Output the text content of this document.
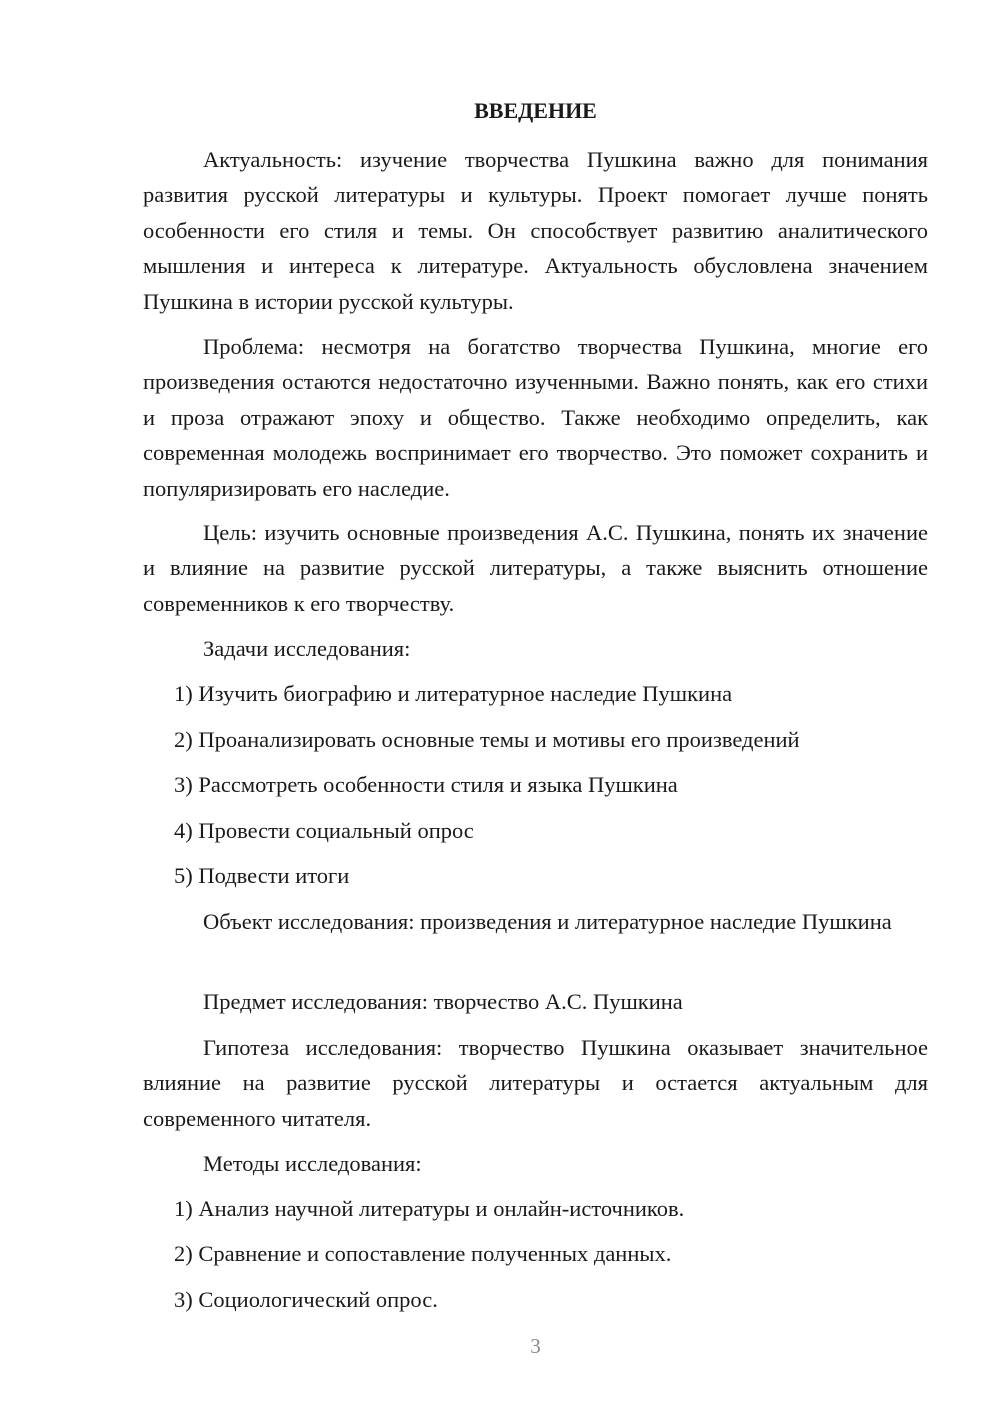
ВВЕДЕНИЕ

Актуальность: изучение творчества Пушкина важно для понимания развития русской литературы и культуры. Проект помогает лучше понять особенности его стиля и темы. Он способствует развитию аналитического мышления и интереса к литературе. Актуальность обусловлена значением Пушкина в истории русской культуры.

Проблема: несмотря на богатство творчества Пушкина, многие его произведения остаются недостаточно изученными. Важно понять, как его стихи и проза отражают эпоху и общество. Также необходимо определить, как современная молодежь воспринимает его творчество. Это поможет сохранить и популяризировать его наследие.

Цель: изучить основные произведения А.С. Пушкина, понять их значение и влияние на развитие русской литературы, а также выяснить отношение современников к его творчеству.

Задачи исследования:

1) Изучить биографию и литературное наследие Пушкина

2) Проанализировать основные темы и мотивы его произведений

3) Рассмотреть особенности стиля и языка Пушкина

4) Провести социальный опрос

5) Подвести итоги

Объект исследования: произведения и литературное наследие Пушкина

Предмет исследования: творчество А.С. Пушкина

Гипотеза исследования: творчество Пушкина оказывает значительное влияние на развитие русской литературы и остается актуальным для современного читателя.

Методы исследования:

1) Анализ научной литературы и онлайн-источников.

2) Сравнение и сопоставление полученных данных.

3) Социологический опрос.

3
